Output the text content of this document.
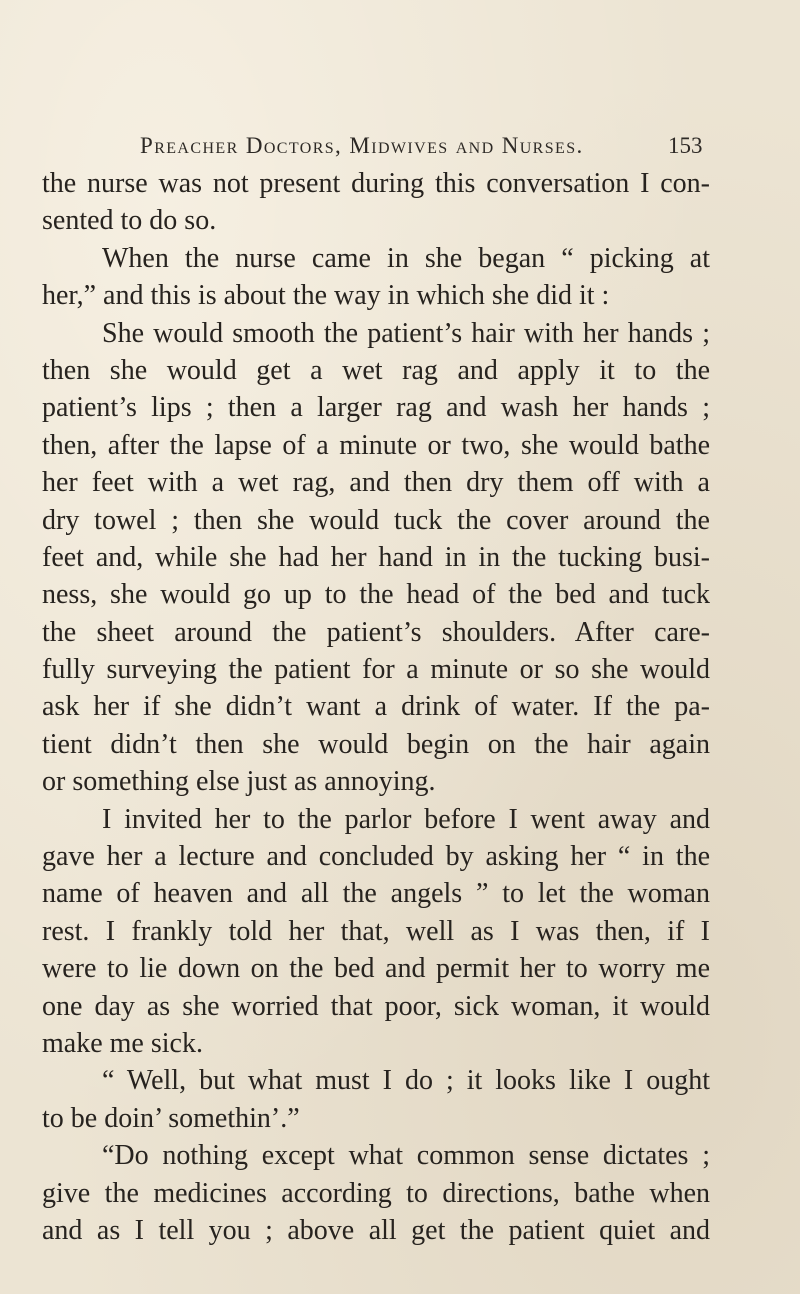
Preacher Doctors, Midwives and Nurses.	153
the nurse was not present during this conversation I con-
sented to do so.
When the nurse came in she began “ picking at
her,” and this is about the way in which she did it :
She would smooth the patient’s hair with her hands ;
then she would get a wet rag and apply it to the
patient’s lips ; then a larger rag and wash her hands ;
then, after the lapse of a minute or two, she would bathe
her feet with a wet rag, and then dry them off with a
dry towel ; then she would tuck the cover around the
feet and, while she had her hand in in the tucking busi-
ness, she would go up to the head of the bed and tuck
the sheet around the patient’s shoulders. After care-
fully surveying the patient for a minute or so she would
ask her if she didn’t want a drink of water. If the pa-
tient didn’t then she would begin on the hair again
or something else just as annoying.
I invited her to the parlor before I went away and
gave her a lecture and concluded by asking her “ in the
name of heaven and all the angels ” to let the woman
rest. I frankly told her that, well as I was then, if I
were to lie down on the bed and permit her to worry me
one day as she worried that poor, sick woman, it would
make me sick.
“ Well, but what must I do ; it looks like I ought
to be doin’ somethin’.”
“Do nothing except what common sense dictates ;
give the medicines according to directions, bathe when
and as I tell you ; above all get the patient quiet and
